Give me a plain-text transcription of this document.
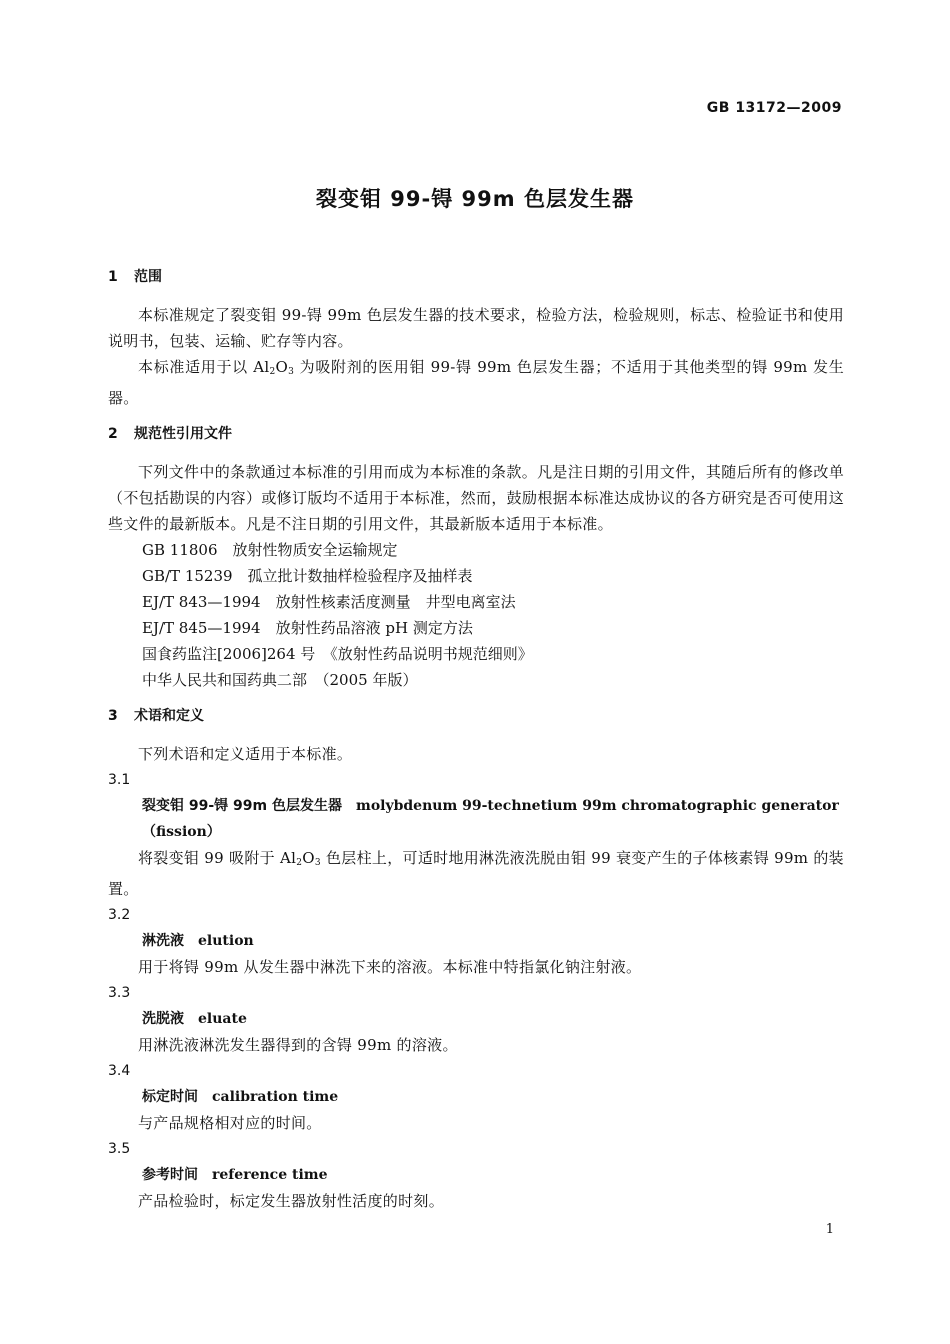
GB 13172—2009
裂变钼 99-锝 99m 色层发生器
1 范围

本标准规定了裂变钼 99-锝 99m 色层发生器的技术要求，检验方法，检验规则，标志、检验证书和使用说明书，包装、运输、贮存等内容。

本标准适用于以 $Al_2O_3$ 为吸附剂的医用钼 99-锝 99m 色层发生器；不适用于其他类型的锝 99m 发生器。

2 规范性引用文件

下列文件中的条款通过本标准的引用而成为本标准的条款。凡是注日期的引用文件，其随后所有的修改单（不包括勘误的内容）或修订版均不适用于本标准，然而，鼓励根据本标准达成协议的各方研究是否可使用这些文件的最新版本。凡是不注日期的引用文件，其最新版本适用于本标准。

GB 11806　放射性物质安全运输规定

GB/T 15239　孤立批计数抽样检验程序及抽样表

EJ/T 843—1994　放射性核素活度测量　井型电离室法

EJ/T 845—1994　放射性药品溶液 pH 测定方法

国食药监注[2006]264 号　《放射性药品说明书规范细则》

中华人民共和国药典二部　（2005 年版）

3 术语和定义

下列术语和定义适用于本标准。

3.1

裂变钼 99-锝 99m 色层发生器 molybdenum 99-technetium 99m chromatographic generator（fission）

将裂变钼 99 吸附于 $Al_2O_3$ 色层柱上，可适时地用淋洗液洗脱由钼 99 衰变产生的子体核素锝 99m 的装置。

3.2

淋洗液 elution

用于将锝 99m 从发生器中淋洗下来的溶液。本标准中特指氯化钠注射液。

3.3

洗脱液 eluate

用淋洗液淋洗发生器得到的含锝 99m 的溶液。

3.4

标定时间 calibration time

与产品规格相对应的时间。

3.5

参考时间 reference time

产品检验时，标定发生器放射性活度的时刻。

1
